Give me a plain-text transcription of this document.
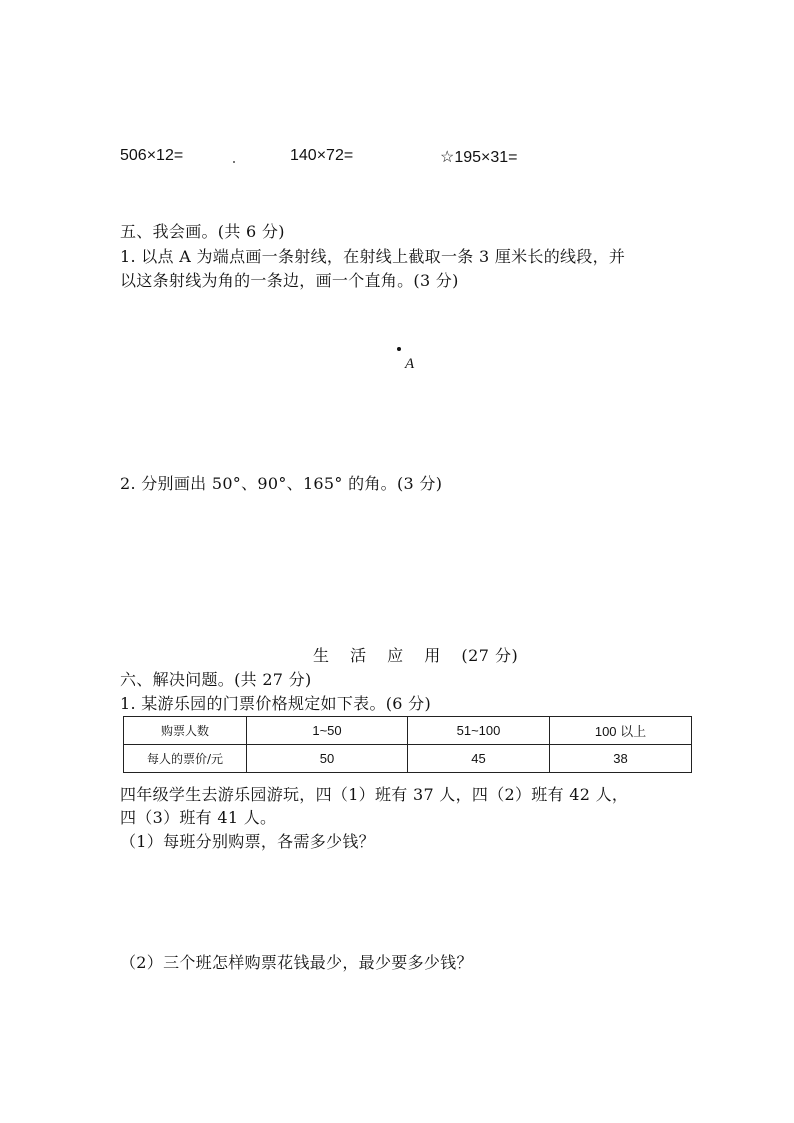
506×12=	140×72=	☆195×31=
五、我会画。(共 6 分)
1. 以点 A 为端点画一条射线，在射线上截取一条 3 厘米长的线段，并
以这条射线为角的一条边，画一个直角。(3 分)
A
2. 分别画出 50°、90°、165° 的角。(3 分)
生 活 应 用 (27 分)
六、解决问题。(共 27 分)
1. 某游乐园的门票价格规定如下表。(6 分)
购票人数	1~50	51~100	100 以上
每人的票价/元	50	45	38
四年级学生去游乐园游玩，四（1）班有 37 人，四（2）班有 42 人，
四（3）班有 41 人。
（1）每班分别购票，各需多少钱？
（2）三个班怎样购票花钱最少，最少要多少钱？
